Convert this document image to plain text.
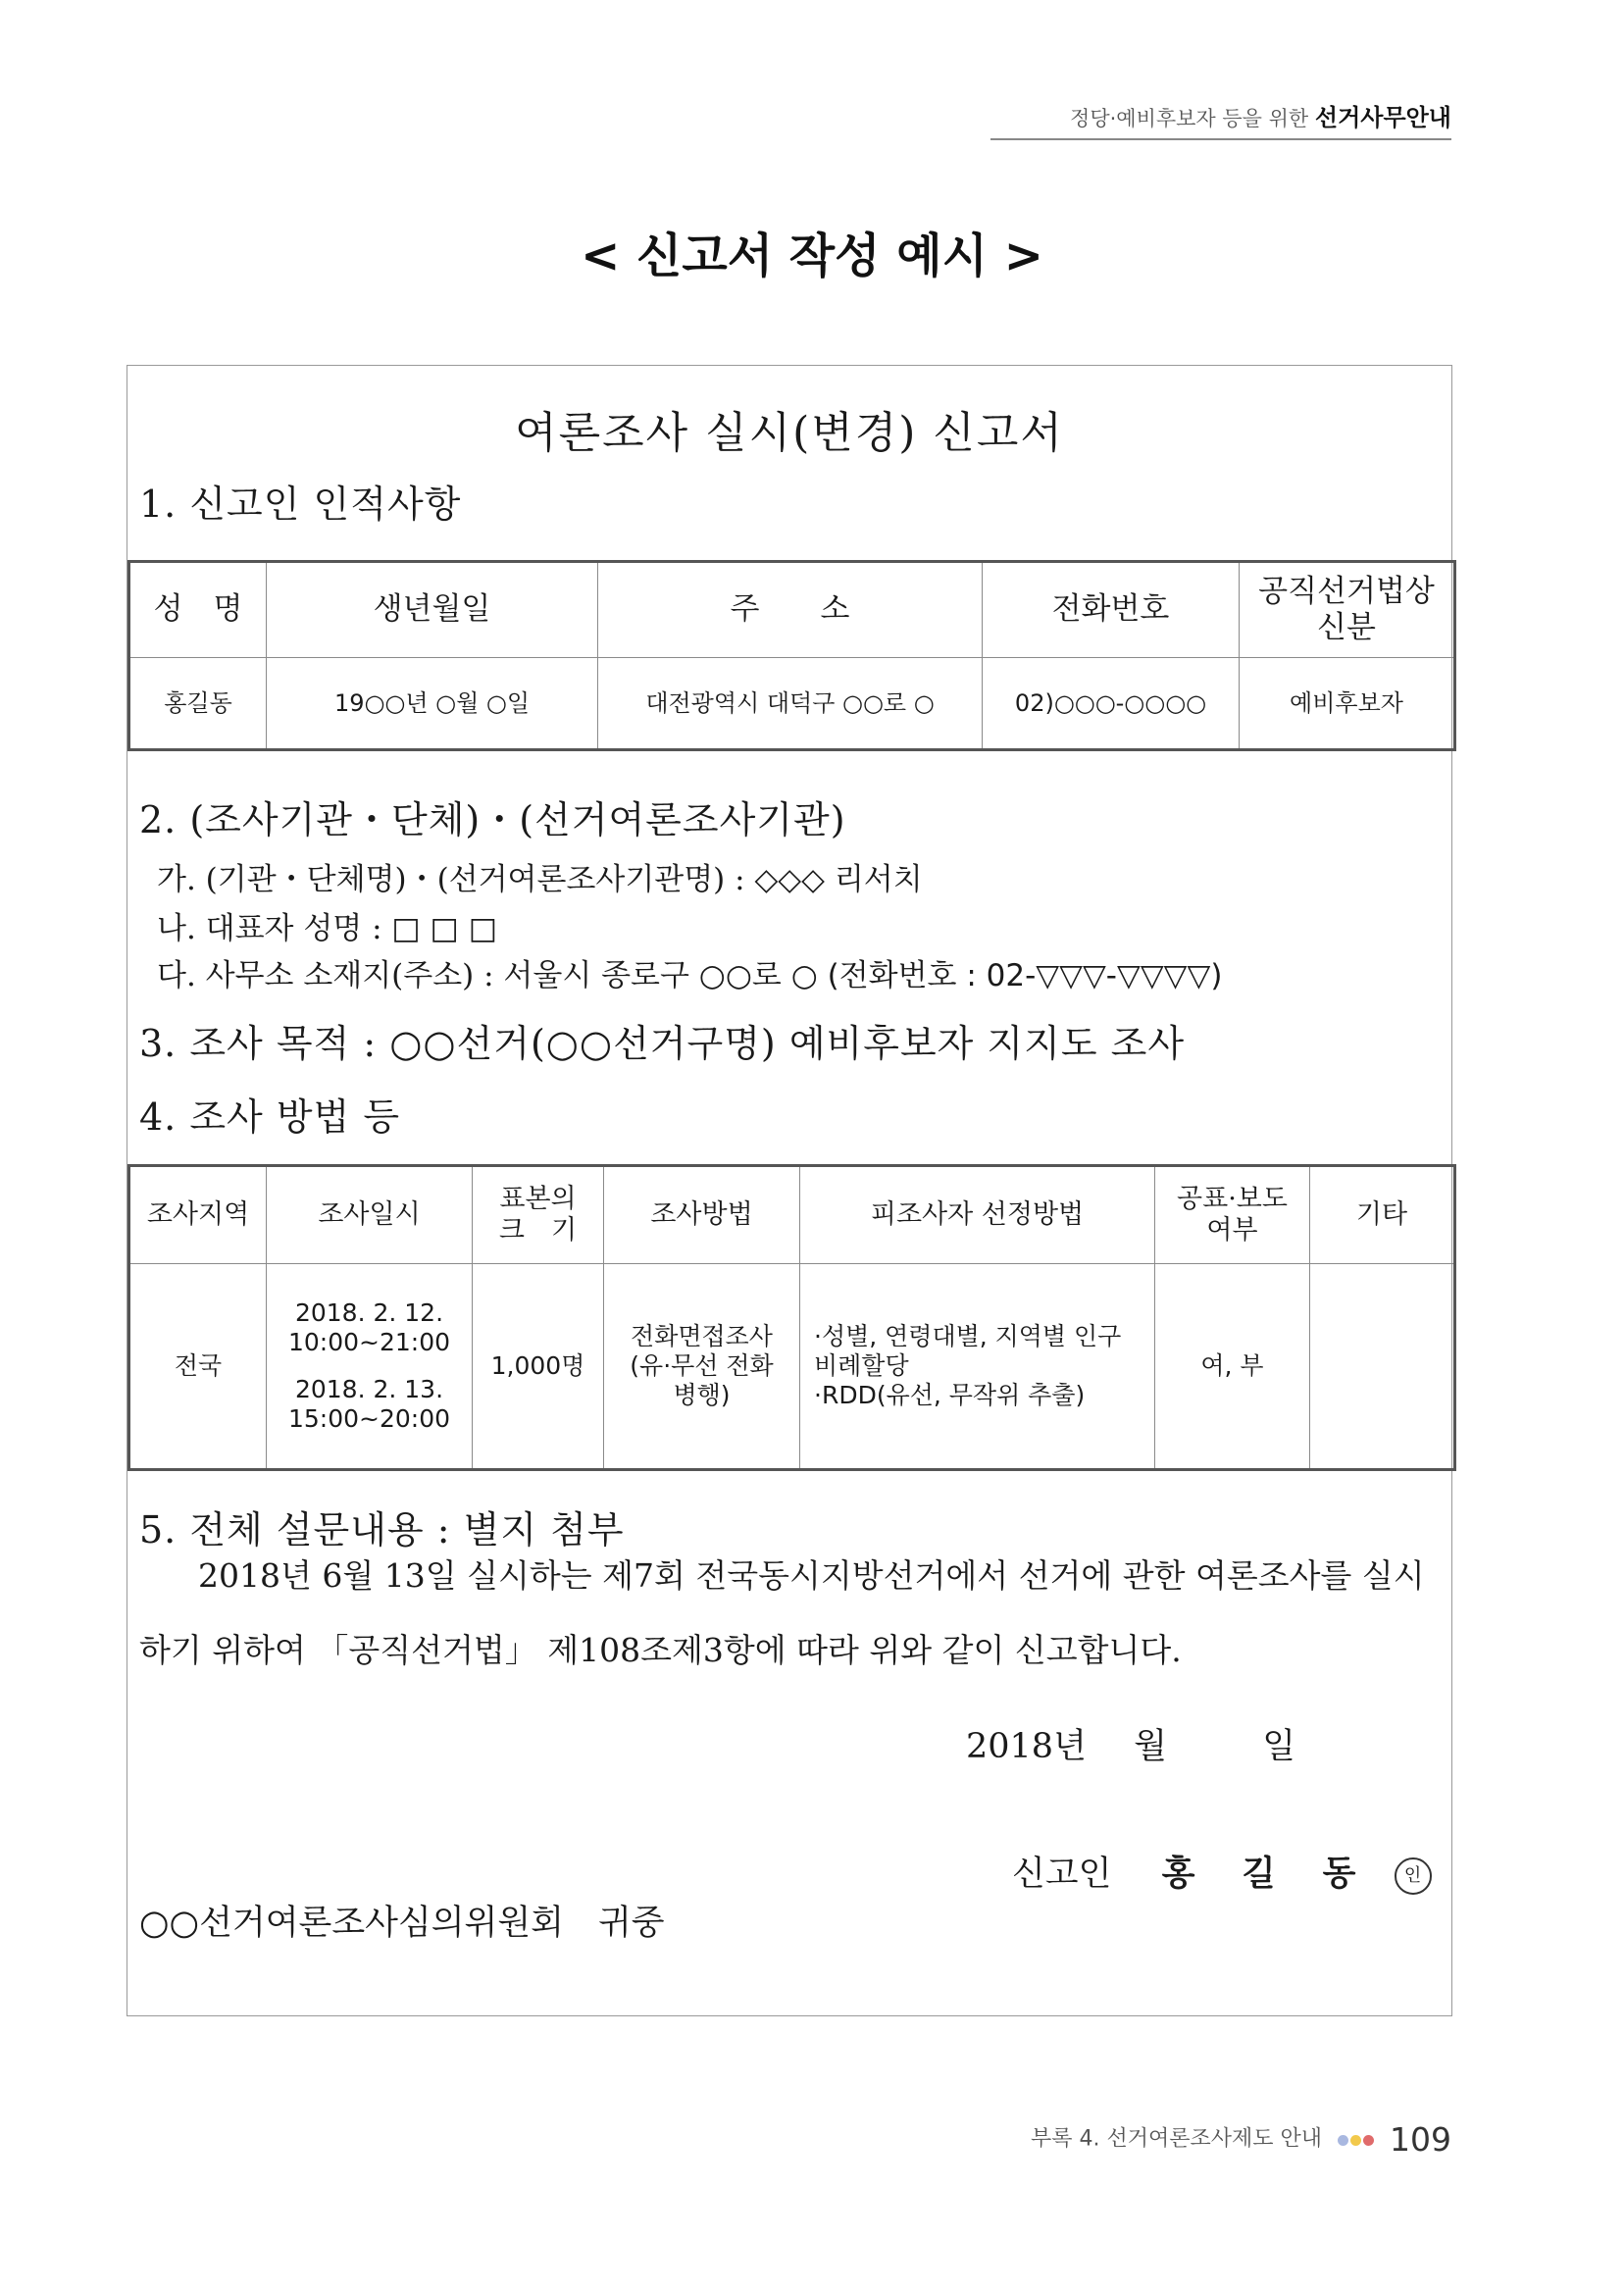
정당·예비후보자 등을 위한 선거사무안내
< 신고서 작성 예시 >
여론조사 실시(변경) 신고서
1. 신고인 인적사항
성　명	생년월일	주　　소	전화번호	공직선거법상
신분

홍길동	19○○년 ○월 ○일	대전광역시 대덕구 ○○로 ○	02)○○○-○○○○	예비후보자
2. (조사기관・단체)・(선거여론조사기관)
가. (기관・단체명)・(선거여론조사기관명) : ◇◇◇ 리서치
나. 대표자 성명 : □ □ □
다. 사무소 소재지(주소) : 서울시 종로구 ○○로 ○ (전화번호 : 02-▽▽▽-▽▽▽▽)
3. 조사 목적 : ○○선거(○○선거구명) 예비후보자 지지도 조사
4. 조사 방법 등
조사지역	조사일시	표본의
크　기	조사방법	피조사자 선정방법	공표·보도
여부	기타
전국	2018. 2. 12.
10:00~21:00
2018. 2. 13.
15:00~20:00	1,000명	전화면접조사
(유·무선 전화
병행)	·성별, 연령대별, 지역별 인구
비례할당
·RDD(유선, 무작위 추출)	여, 부	
5. 전체 설문내용 : 별지 첨부
2018년 6월 13일 실시하는 제7회 전국동시지방선거에서 선거에 관한 여론조사를 실시
하기 위하여 「공직선거법」 제108조제3항에 따라 위와 같이 신고합니다.
2018년 월	일
신고인 홍 길 동 인
○○선거여론조사심의위원회　귀중
부록 4. 선거여론조사제도 안내 109
